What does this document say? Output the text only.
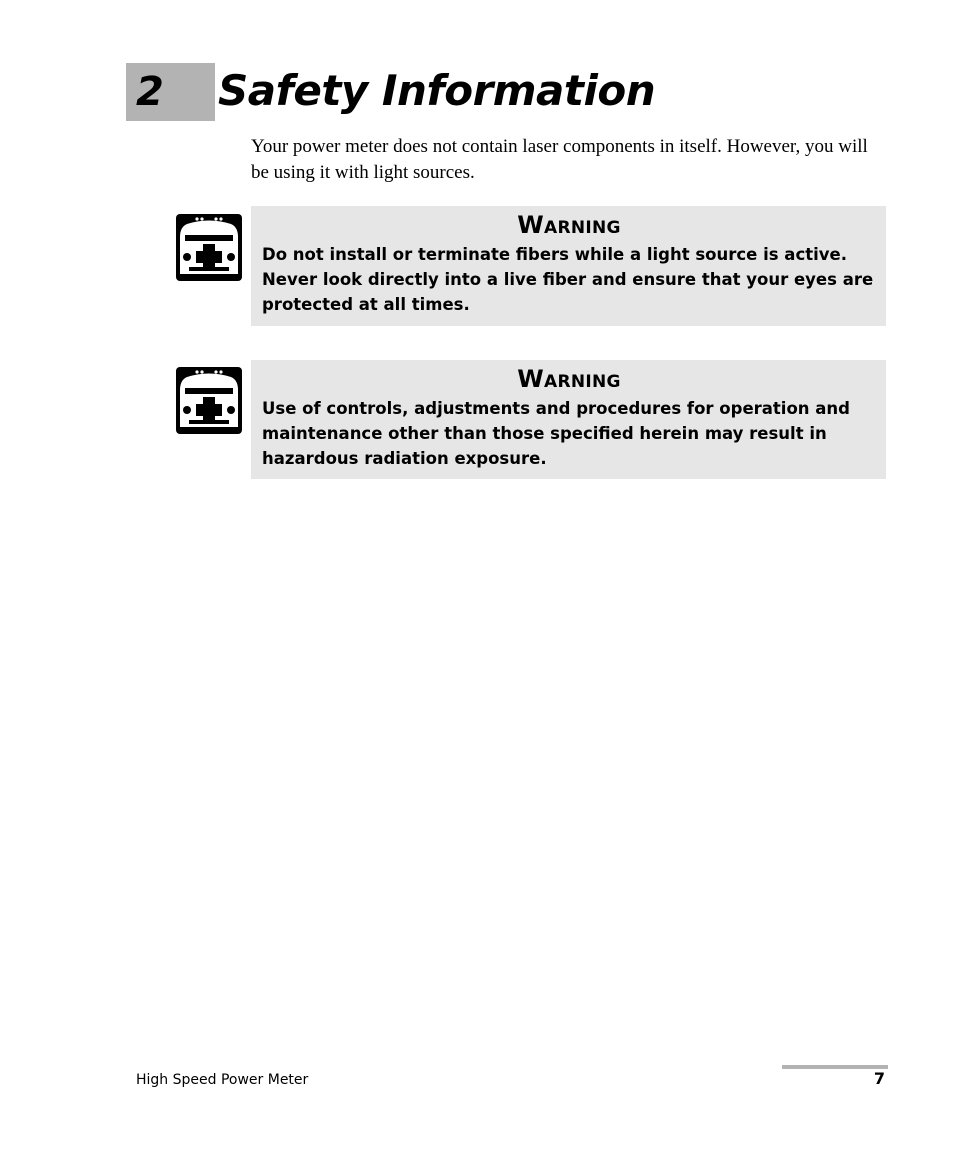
2 Safety Information

Your power meter does not contain laser components in itself. However, you will be using it with light sources.

Warning

Do not install or terminate fibers while a light source is active. Never look directly into a live fiber and ensure that your eyes are protected at all times.

Warning

Use of controls, adjustments and procedures for operation and maintenance other than those specified herein may result in hazardous radiation exposure.

High Speed Power Meter	7
